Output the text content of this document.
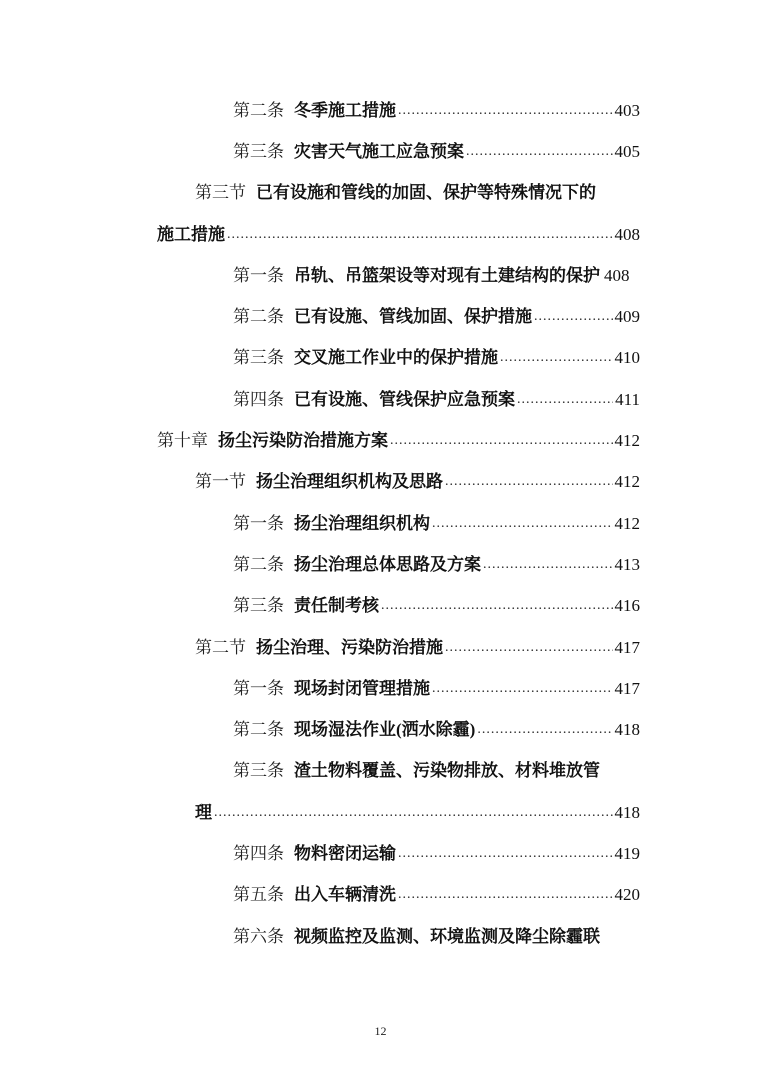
第二条 冬季施工措施 .....	403
第三条 灾害天气施工应急预案 .....	405
第三节 已有设施和管线的加固、保护等特殊情况下的
施工措施 .....	408
第一条 吊轨、吊篮架设等对现有土建结构的保护 408
第二条 已有设施、管线加固、保护措施 .....	409
第三条 交叉施工作业中的保护措施 .....	410
第四条 已有设施、管线保护应急预案 .....	411
第十章 扬尘污染防治措施方案 .....	412
第一节 扬尘治理组织机构及思路 .....	412
第一条 扬尘治理组织机构 .....	412
第二条 扬尘治理总体思路及方案 .....	413
第三条 责任制考核 .....	416
第二节 扬尘治理、污染防治措施 .....	417
第一条 现场封闭管理措施 .....	417
第二条 现场湿法作业(洒水除霾) .....	418
第三条 渣土物料覆盖、污染物排放、材料堆放管
理 .....	418
第四条 物料密闭运输 .....	419
第五条 出入车辆清洗 .....	420
第六条 视频监控及监测、环境监测及降尘除霾联
12
